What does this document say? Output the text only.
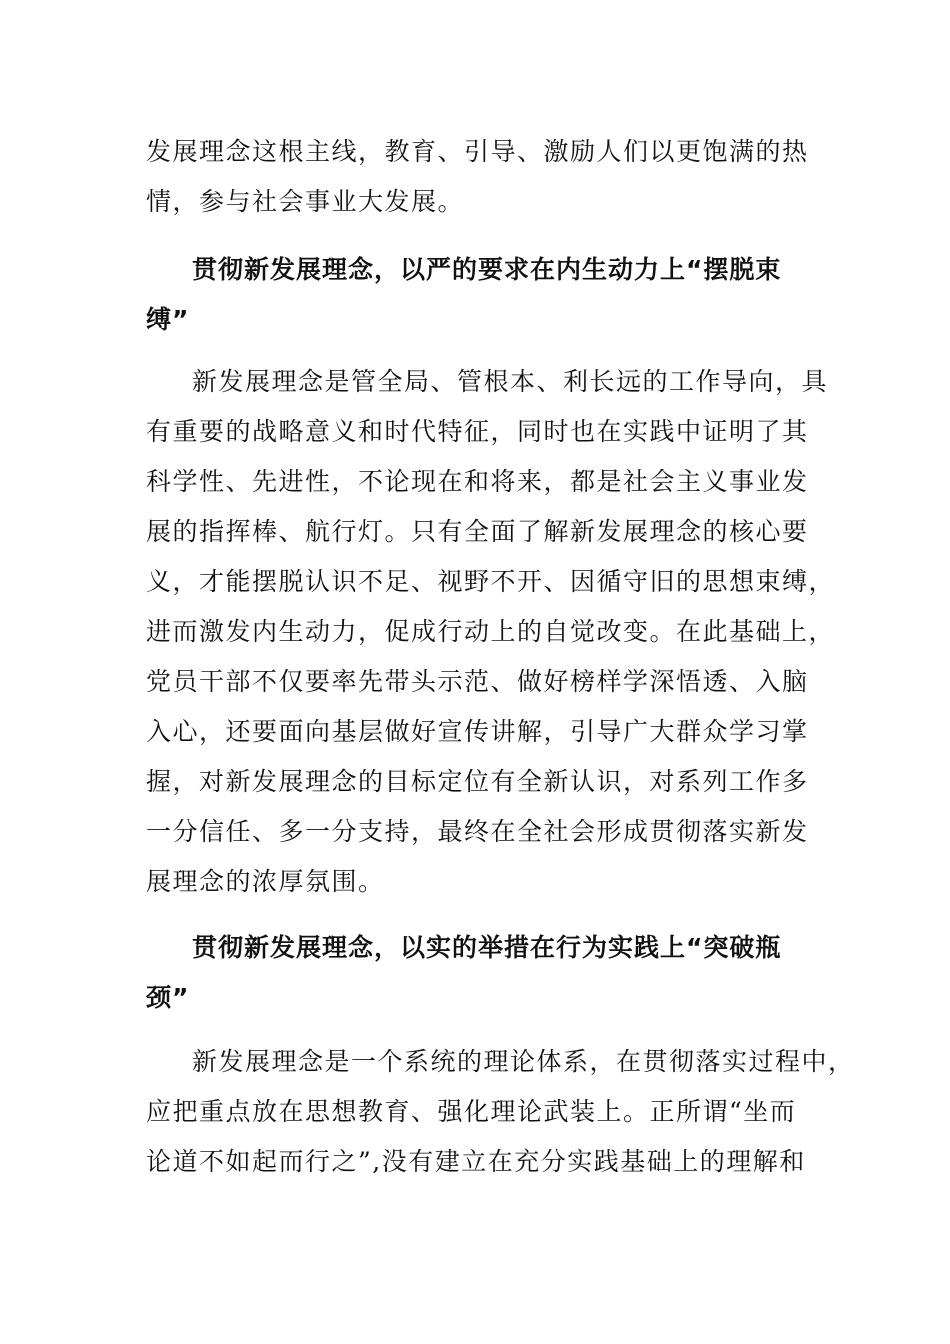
发展理念这根主线，教育、引导、激励人们以更饱满的热
情，参与社会事业大发展。
贯彻新发展理念，以严的要求在内生动力上“摆脱束
缚”
新发展理念是管全局、管根本、利长远的工作导向，具
有重要的战略意义和时代特征，同时也在实践中证明了其
科学性、先进性，不论现在和将来，都是社会主义事业发
展的指挥棒、航行灯。只有全面了解新发展理念的核心要
义，才能摆脱认识不足、视野不开、因循守旧的思想束缚，
进而激发内生动力，促成行动上的自觉改变。在此基础上，
党员干部不仅要率先带头示范、做好榜样学深悟透、入脑
入心，还要面向基层做好宣传讲解，引导广大群众学习掌
握，对新发展理念的目标定位有全新认识，对系列工作多
一分信任、多一分支持，最终在全社会形成贯彻落实新发
展理念的浓厚氛围。
贯彻新发展理念，以实的举措在行为实践上“突破瓶
颈”
新发展理念是一个系统的理论体系，在贯彻落实过程中，
应把重点放在思想教育、强化理论武装上。正所谓“坐而
论道不如起而行之”,没有建立在充分实践基础上的理解和
